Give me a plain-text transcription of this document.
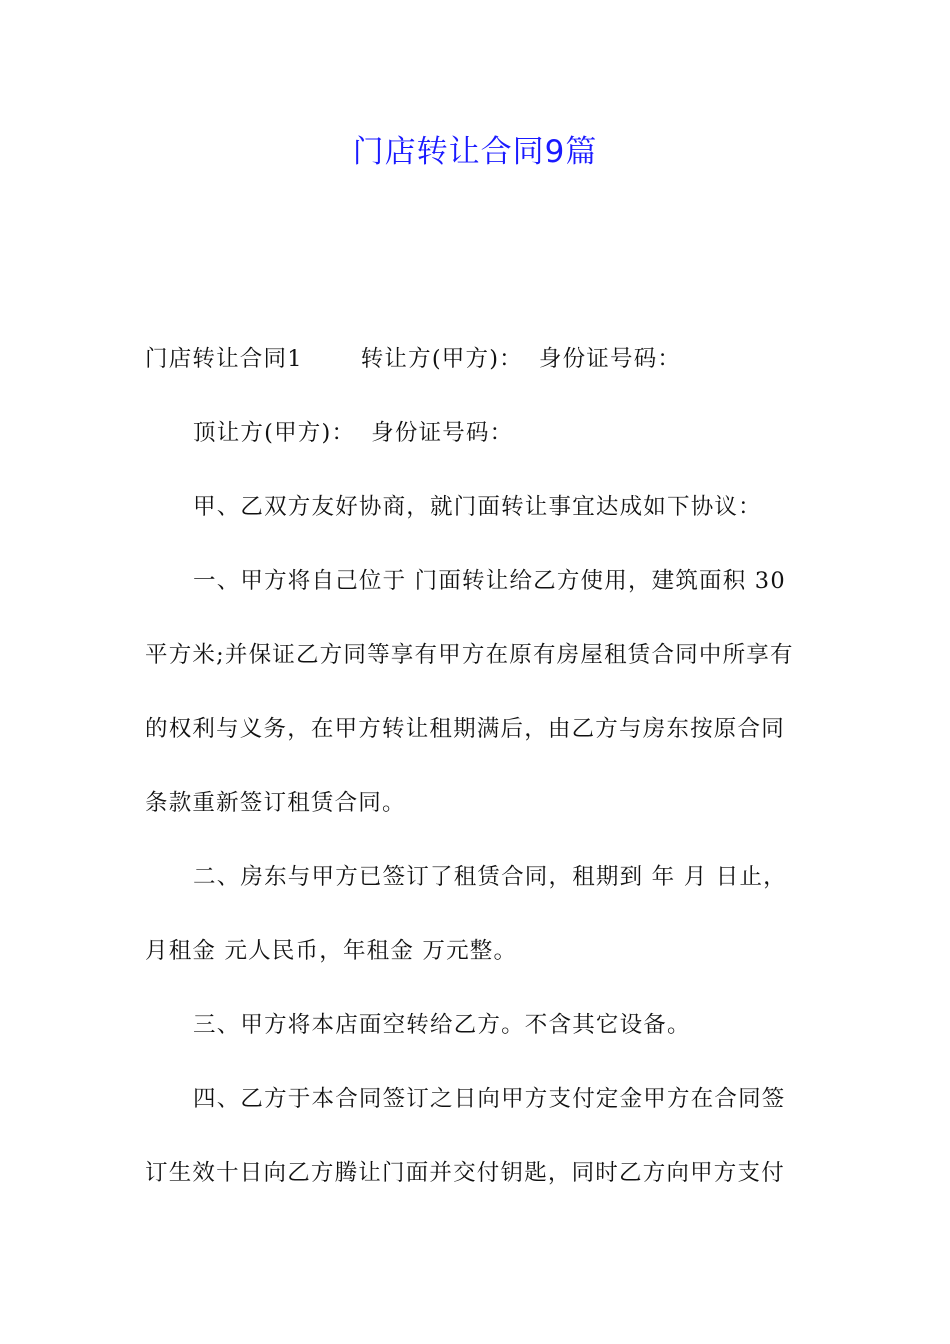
门店转让合同9篇
门店转让合同1	转让方(甲方)： 身份证号码：
顶让方(甲方)： 身份证号码：
甲、乙双方友好协商，就门面转让事宜达成如下协议：
一、甲方将自己位于 门面转让给乙方使用，建筑面积 30
平方米;并保证乙方同等享有甲方在原有房屋租赁合同中所享有
的权利与义务，在甲方转让租期满后，由乙方与房东按原合同
条款重新签订租赁合同。
二、房东与甲方已签订了租赁合同，租期到 年 月 日止，
月租金 元人民币，年租金 万元整。
三、甲方将本店面空转给乙方。不含其它设备。
四、乙方于本合同签订之日向甲方支付定金甲方在合同签
订生效十日向乙方腾让门面并交付钥匙，同时乙方向甲方支付
